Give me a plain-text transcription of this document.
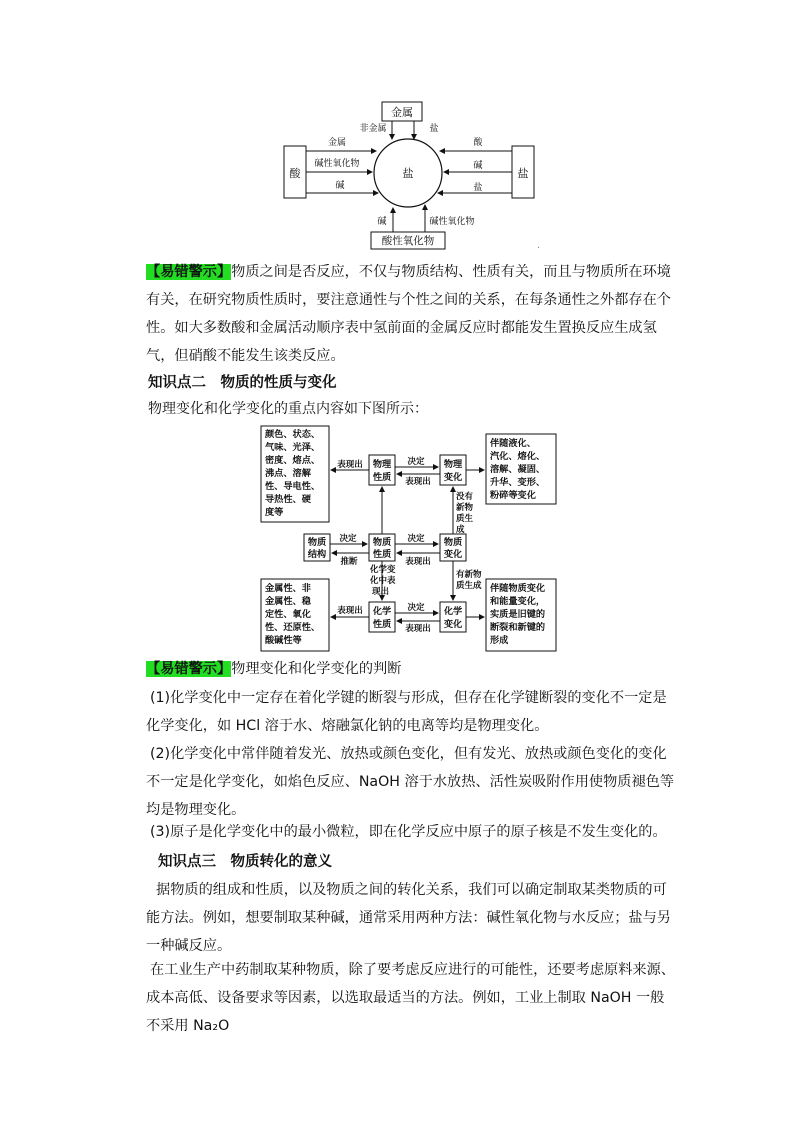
金属
酸	盐
酸性氧化物
盐
非金属	盐
金属
碱性氧化物
碱
酸
碱
盐
碱	碱性氧化物
.
【易错警示】物质之间是否反应，不仅与物质结构、性质有关，而且与物质所在环境有关，在研究物质性质时，要注意通性与个性之间的关系，在每条通性之外都存在个性。如大多数酸和金属活动顺序表中氢前面的金属反应时都能发生置换反应生成氢气，但硝酸不能发生该类反应。
知识点二　物质的性质与变化
物理变化和化学变化的重点内容如下图所示：
颜色、状态、
气味、光泽、
密度、熔点、
沸点、溶解
性、导电性、
导热性、硬
度等
物理
性质
物理
变化
伴随液化、
汽化、熔化、
溶解、凝固、
升华、变形、
粉碎等变化
物质
结构
物质
性质
物质
变化
金属性、非
金属性、稳
定性、氧化
性、还原性、
酸碱性等
化学
性质
化学
变化
伴随物质变化
和能量变化，
实质是旧键的
断裂和新键的
形成
表现出	决定
表现出
决定
推断
决定
表现出
表现出	决定
表现出
没有
新物
质生
成
有新物
质生成
化学变
化中表
现出
【易错警示】物理变化和化学变化的判断
(1)化学变化中一定存在着化学键的断裂与形成，但存在化学键断裂的变化不一定是化学变化，如 HCl 溶于水、熔融氯化钠的电离等均是物理变化。
(2)化学变化中常伴随着发光、放热或颜色变化，但有发光、放热或颜色变化的变化不一定是化学变化，如焰色反应、NaOH 溶于水放热、活性炭吸附作用使物质褪色等均是物理变化。
(3)原子是化学变化中的最小微粒，即在化学反应中原子的原子核是不发生变化的。
知识点三　物质转化的意义
据物质的组成和性质，以及物质之间的转化关系，我们可以确定制取某类物质的可能方法。例如，想要制取某种碱，通常采用两种方法：碱性氧化物与水反应；盐与另一种碱反应。
在工业生产中药制取某种物质，除了要考虑反应进行的可能性，还要考虑原料来源、成本高低、设备要求等因素，以选取最适当的方法。例如，工业上制取 NaOH 一般不采用 Na₂O
